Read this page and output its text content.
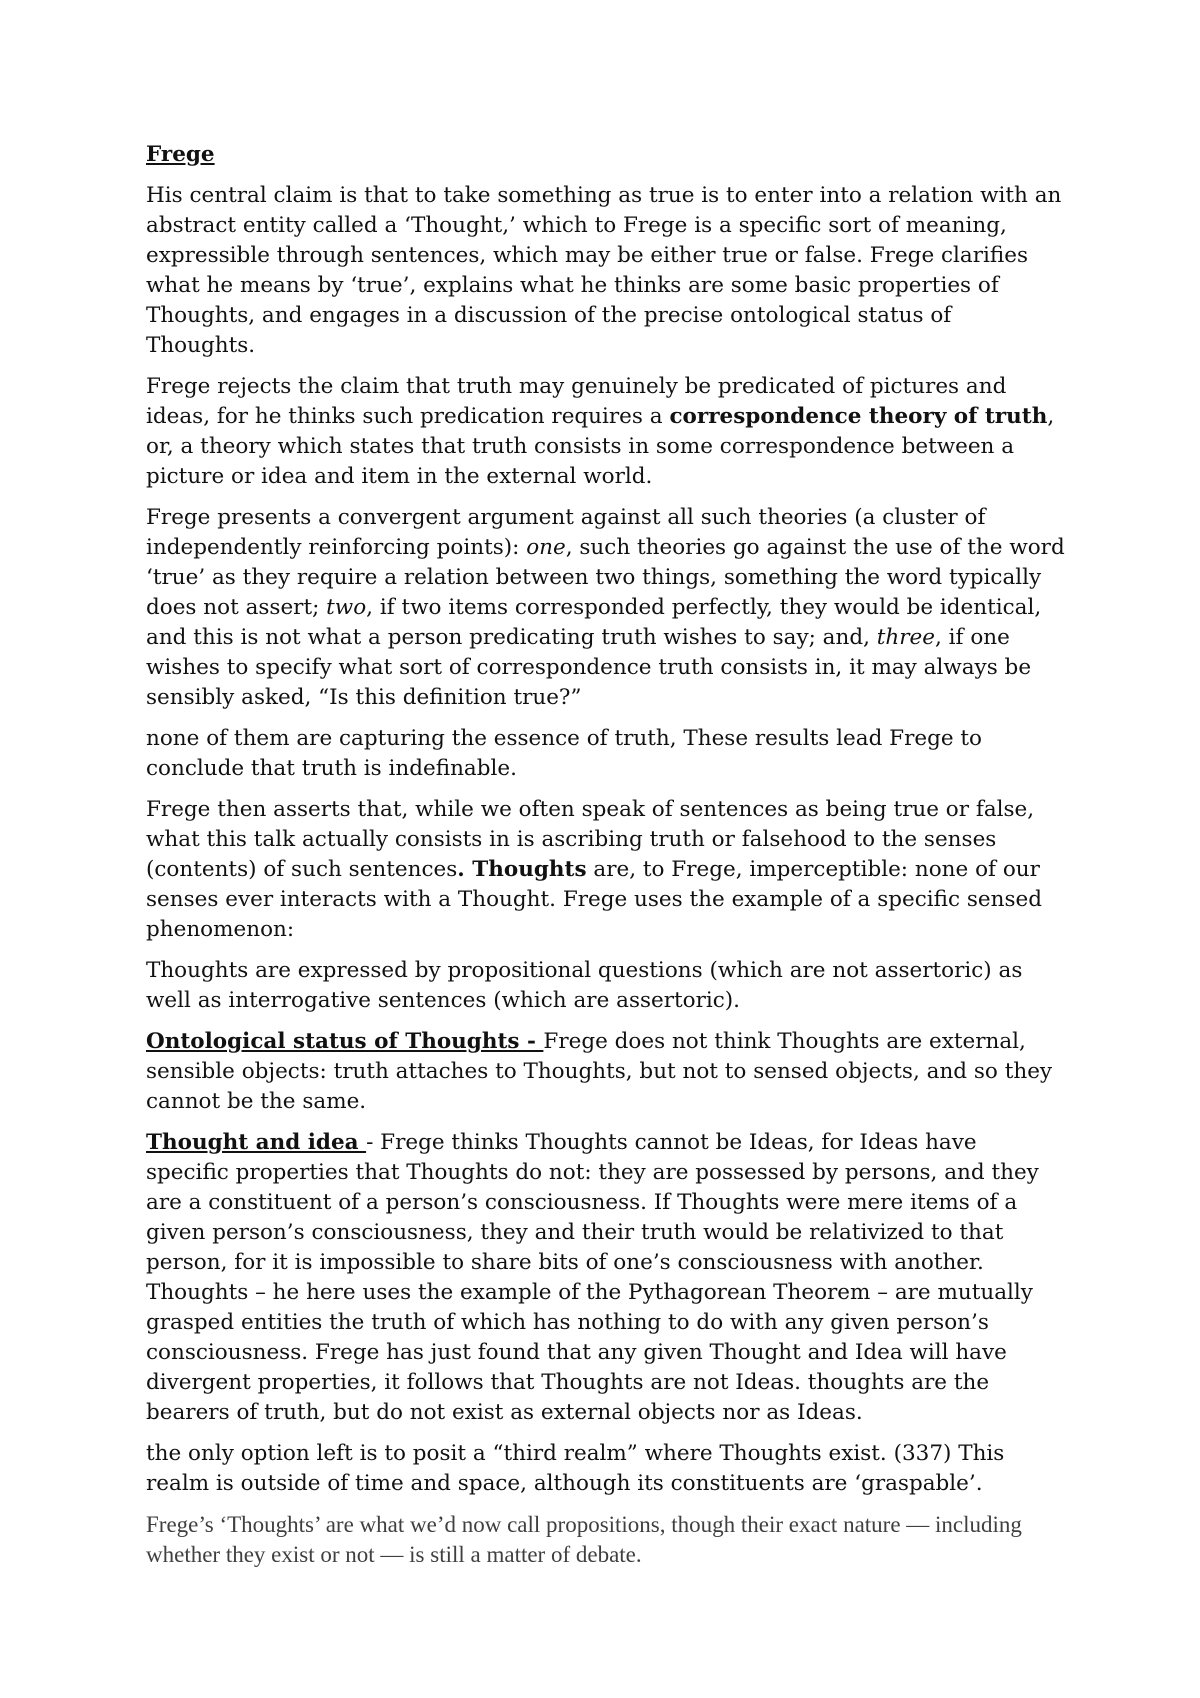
Frege

His central claim is that to take something as true is to enter into a relation with an abstract entity called a ‘Thought,’ which to Frege is a specific sort of meaning, expressible through sentences, which may be either true or false. Frege clarifies what he means by ‘true’, explains what he thinks are some basic properties of Thoughts, and engages in a discussion of the precise ontological status of Thoughts.

Frege rejects the claim that truth may genuinely be predicated of pictures and ideas, for he thinks such predication requires a correspondence theory of truth, or, a theory which states that truth consists in some correspondence between a picture or idea and item in the external world.

Frege presents a convergent argument against all such theories (a cluster of independently reinforcing points): one, such theories go against the use of the word ‘true’ as they require a relation between two things, something the word typically does not assert; two, if two items corresponded perfectly, they would be identical, and this is not what a person predicating truth wishes to say; and, three, if one wishes to specify what sort of correspondence truth consists in, it may always be sensibly asked, “Is this definition true?”

none of them are capturing the essence of truth, These results lead Frege to conclude that truth is indefinable.

Frege then asserts that, while we often speak of sentences as being true or false, what this talk actually consists in is ascribing truth or falsehood to the senses (contents) of such sentences. Thoughts are, to Frege, imperceptible: none of our senses ever interacts with a Thought. Frege uses the example of a specific sensed phenomenon:

Thoughts are expressed by propositional questions (which are not assertoric) as well as interrogative sentences (which are assertoric).

Ontological status of Thoughts - Frege does not think Thoughts are external, sensible objects: truth attaches to Thoughts, but not to sensed objects, and so they cannot be the same.

Thought and idea - Frege thinks Thoughts cannot be Ideas, for Ideas have specific properties that Thoughts do not: they are possessed by persons, and they are a constituent of a person’s consciousness. If Thoughts were mere items of a given person’s consciousness, they and their truth would be relativized to that person, for it is impossible to share bits of one’s consciousness with another. Thoughts – he here uses the example of the Pythagorean Theorem – are mutually grasped entities the truth of which has nothing to do with any given person’s consciousness. Frege has just found that any given Thought and Idea will have divergent properties, it follows that Thoughts are not Ideas. thoughts are the bearers of truth, but do not exist as external objects nor as Ideas.

the only option left is to posit a “third realm” where Thoughts exist. (337) This realm is outside of time and space, although its constituents are ‘graspable’.

Frege’s ‘Thoughts’ are what we’d now call propositions, though their exact nature — including whether they exist or not — is still a matter of debate.
